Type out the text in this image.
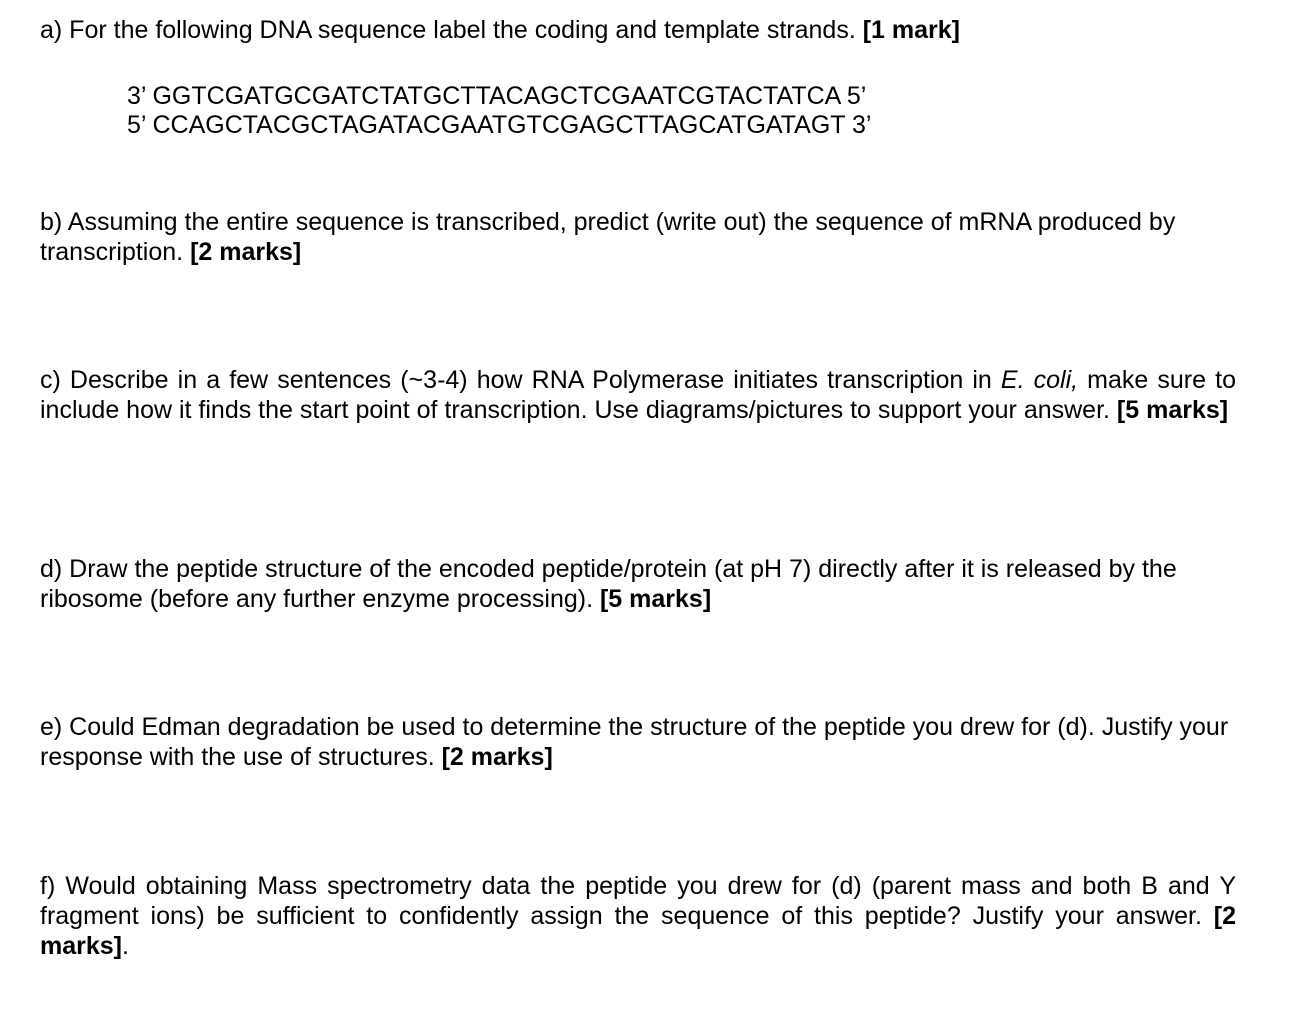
a) For the following DNA sequence label the coding and template strands. [1 mark]

3’ GGTCGATGCGATCTATGCTTACAGCTCGAATCGTACTATCA 5’

5’ CCAGCTACGCTAGATACGAATGTCGAGCTTAGCATGATAGT 3’

b) Assuming the entire sequence is transcribed, predict (write out) the sequence of mRNA produced by transcription. [2 marks]

c) Describe in a few sentences (~3-4) how RNA Polymerase initiates transcription in E. coli, make sure to include how it finds the start point of transcription. Use diagrams/pictures to support your answer. [5 marks]

d) Draw the peptide structure of the encoded peptide/protein (at pH 7) directly after it is released by the ribosome (before any further enzyme processing). [5 marks]

e) Could Edman degradation be used to determine the structure of the peptide you drew for (d). Justify your response with the use of structures. [2 marks]

f) Would obtaining Mass spectrometry data the peptide you drew for (d) (parent mass and both B and Y fragment ions) be sufficient to confidently assign the sequence of this peptide? Justify your answer. [2 marks].
